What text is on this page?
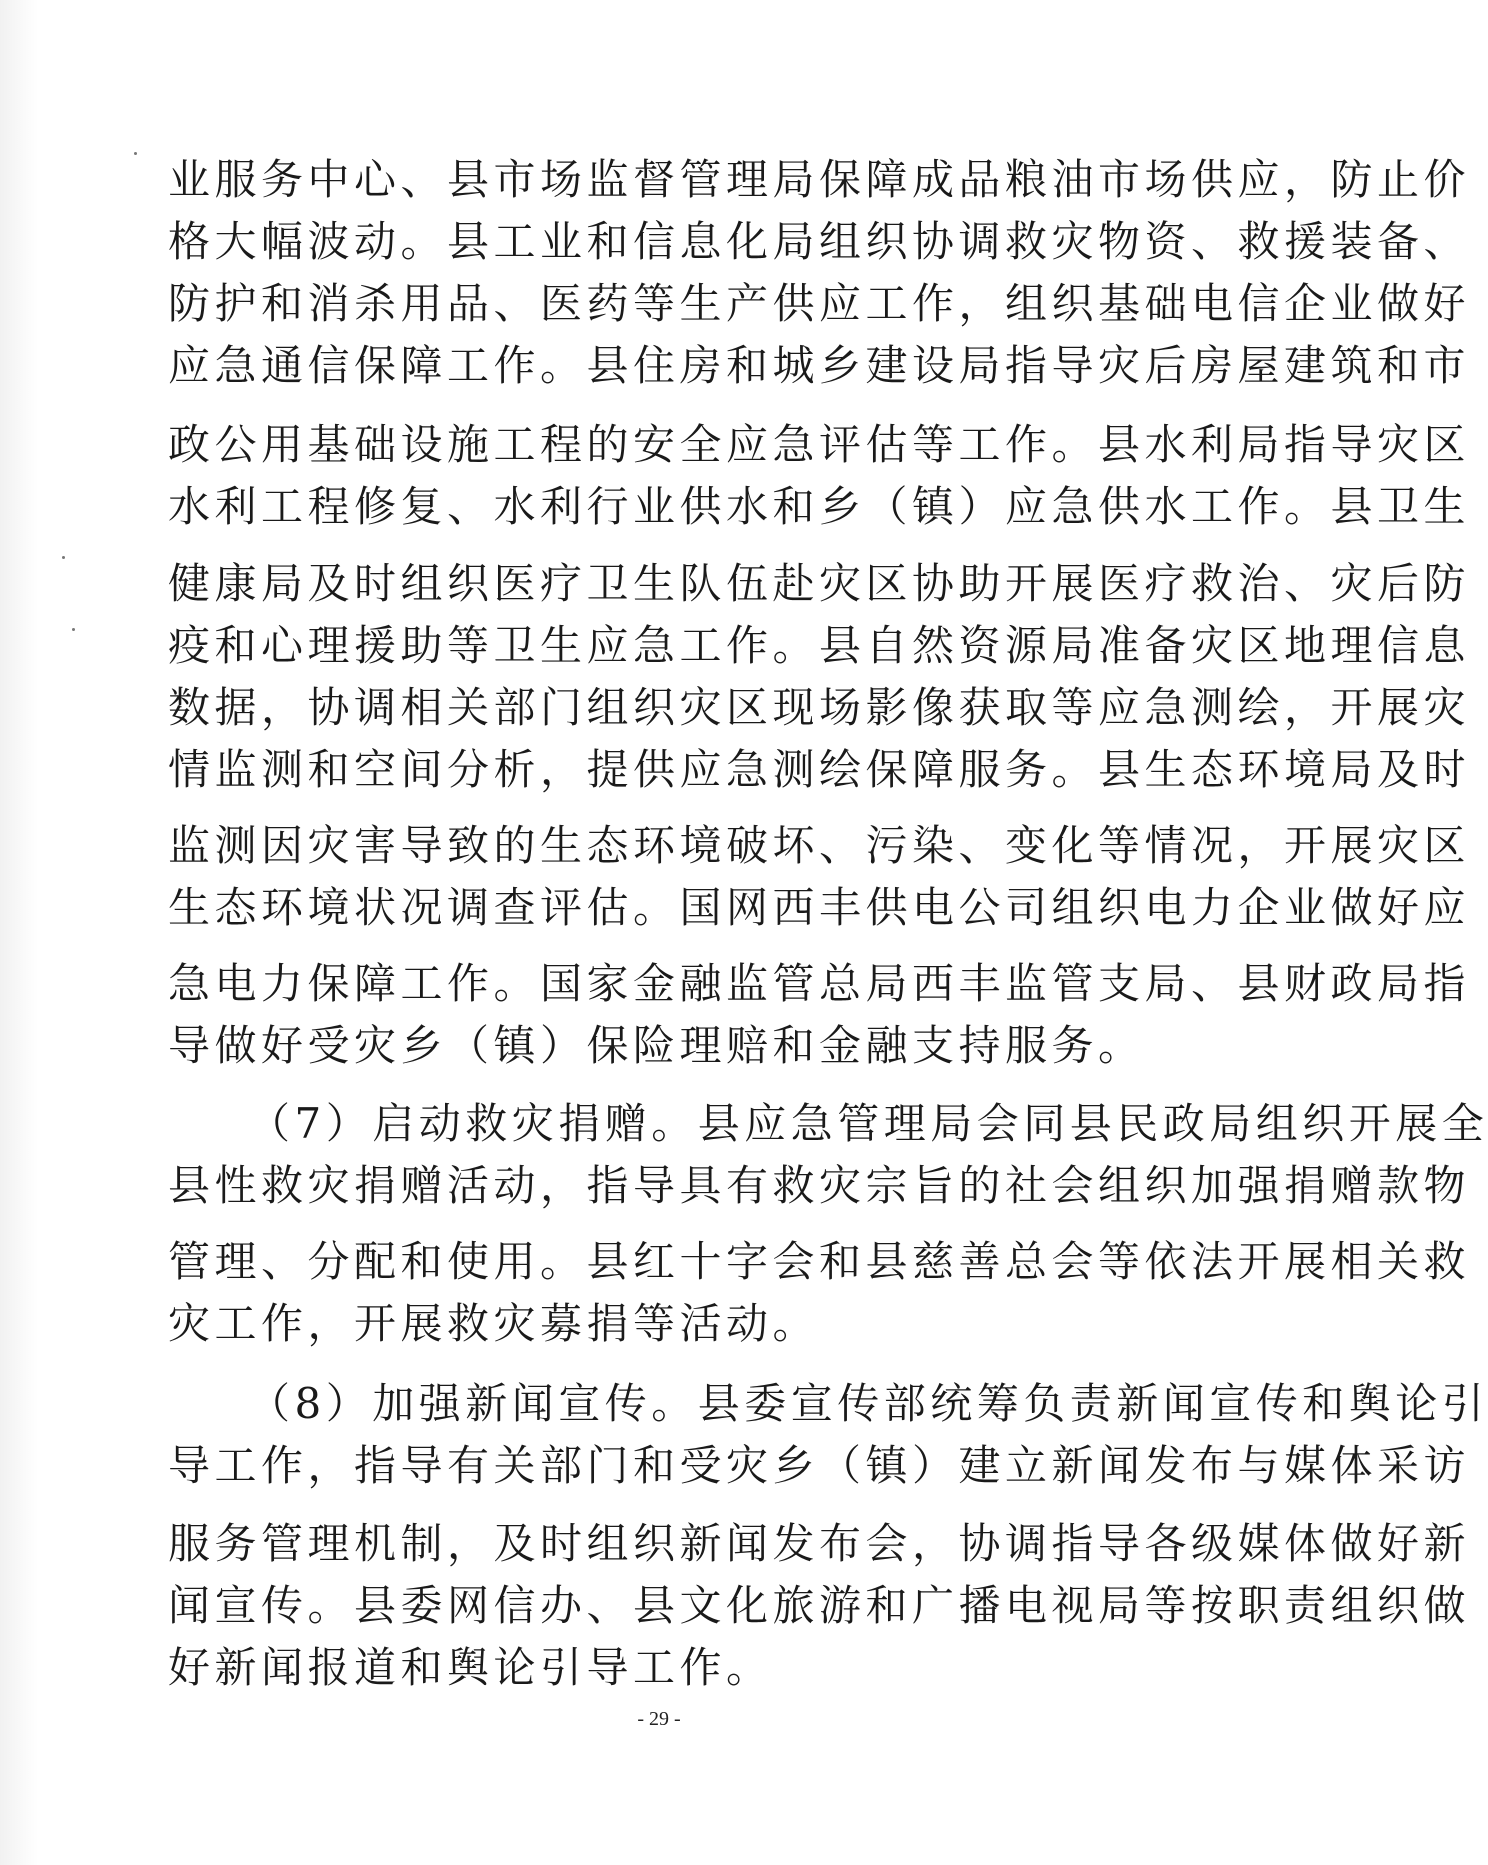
业服务中心、县市场监督管理局保障成品粮油市场供应，防止价
格大幅波动。县工业和信息化局组织协调救灾物资、救援装备、
防护和消杀用品、医药等生产供应工作，组织基础电信企业做好
应急通信保障工作。县住房和城乡建设局指导灾后房屋建筑和市
政公用基础设施工程的安全应急评估等工作。县水利局指导灾区
水利工程修复、水利行业供水和乡（镇）应急供水工作。县卫生
健康局及时组织医疗卫生队伍赴灾区协助开展医疗救治、灾后防
疫和心理援助等卫生应急工作。县自然资源局准备灾区地理信息
数据，协调相关部门组织灾区现场影像获取等应急测绘，开展灾
情监测和空间分析，提供应急测绘保障服务。县生态环境局及时
监测因灾害导致的生态环境破坏、污染、变化等情况，开展灾区
生态环境状况调查评估。国网西丰供电公司组织电力企业做好应
急电力保障工作。国家金融监管总局西丰监管支局、县财政局指
导做好受灾乡（镇）保险理赔和金融支持服务。
（7）启动救灾捐赠。县应急管理局会同县民政局组织开展全
县性救灾捐赠活动，指导具有救灾宗旨的社会组织加强捐赠款物
管理、分配和使用。县红十字会和县慈善总会等依法开展相关救
灾工作，开展救灾募捐等活动。
（8）加强新闻宣传。县委宣传部统筹负责新闻宣传和舆论引
导工作，指导有关部门和受灾乡（镇）建立新闻发布与媒体采访
服务管理机制，及时组织新闻发布会，协调指导各级媒体做好新
闻宣传。县委网信办、县文化旅游和广播电视局等按职责组织做
好新闻报道和舆论引导工作。
- 29 -
